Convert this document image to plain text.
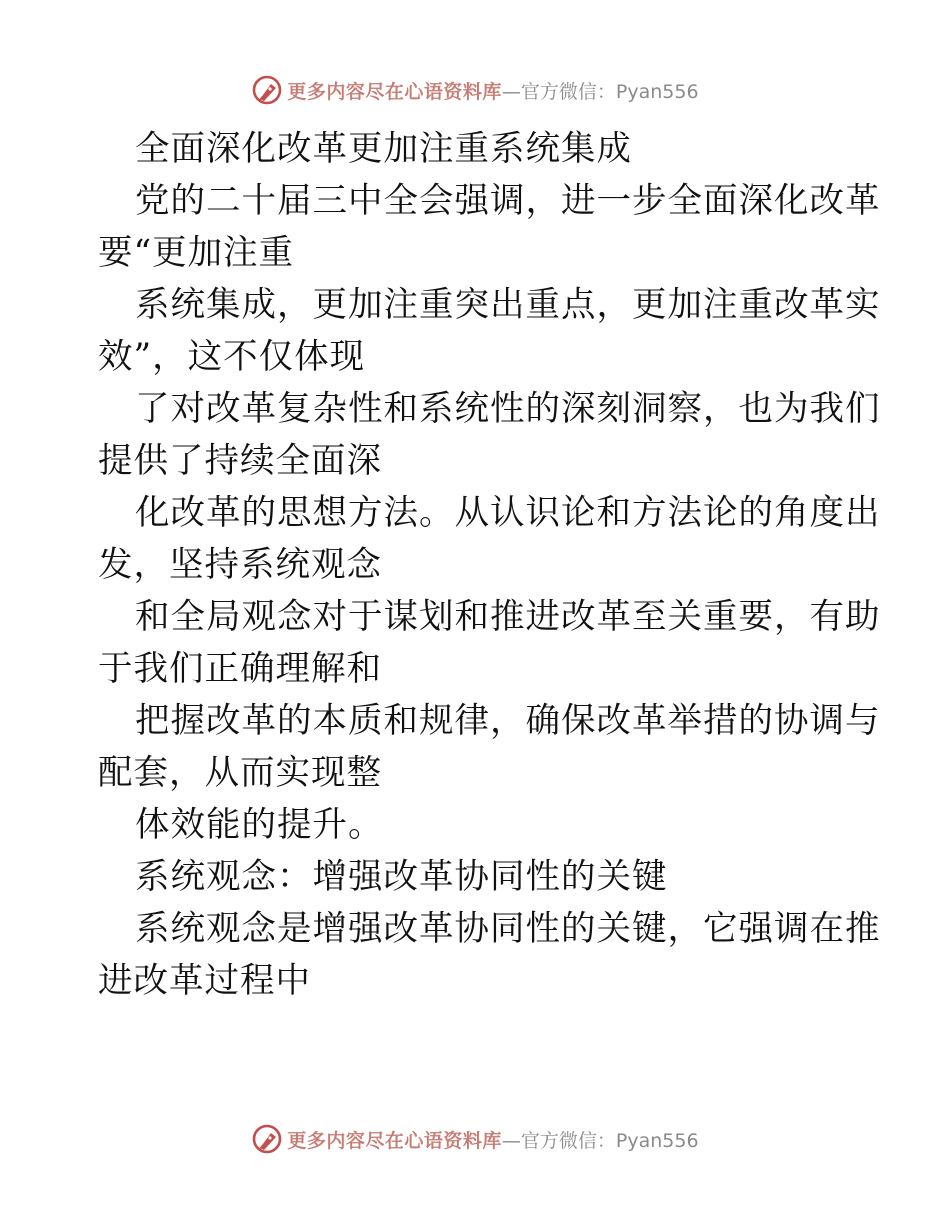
更多内容尽在心语资料库 —官方微信：Pyan556
全面深化改革更加注重系统集成
党的二十届三中全会强调，进一步全面深化改革
要“更加注重
系统集成，更加注重突出重点，更加注重改革实
效”，这不仅体现
了对改革复杂性和系统性的深刻洞察，也为我们
提供了持续全面深
化改革的思想方法。从认识论和方法论的角度出
发，坚持系统观念
和全局观念对于谋划和推进改革至关重要，有助
于我们正确理解和
把握改革的本质和规律，确保改革举措的协调与
配套，从而实现整
体效能的提升。
系统观念：增强改革协同性的关键
系统观念是增强改革协同性的关键，它强调在推
进改革过程中
更多内容尽在心语资料库 —官方微信：Pyan556
